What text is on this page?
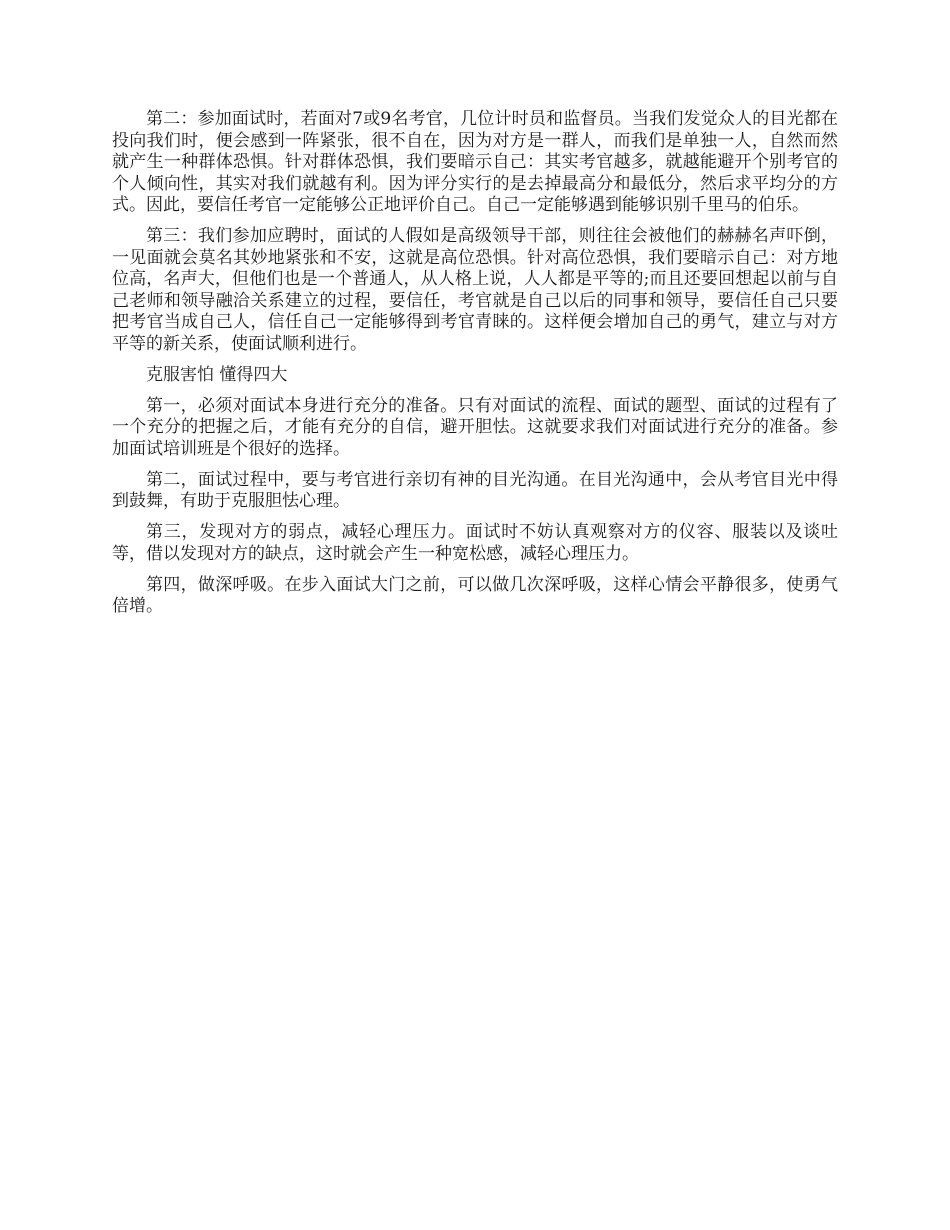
第二：参加面试时，若面对7或9名考官，几位计时员和监督员。当我们发觉众人的目光都在投向我们时，便会感到一阵紧张，很不自在，因为对方是一群人，而我们是单独一人，自然而然就产生一种群体恐惧。针对群体恐惧，我们要暗示自己：其实考官越多，就越能避开个别考官的个人倾向性，其实对我们就越有利。因为评分实行的是去掉最高分和最低分，然后求平均分的方式。因此，要信任考官一定能够公正地评价自己。自己一定能够遇到能够识别千里马的伯乐。

第三：我们参加应聘时，面试的人假如是高级领导干部，则往往会被他们的赫赫名声吓倒，一见面就会莫名其妙地紧张和不安，这就是高位恐惧。针对高位恐惧，我们要暗示自己：对方地位高，名声大，但他们也是一个普通人，从人格上说，人人都是平等的;而且还要回想起以前与自己老师和领导融洽关系建立的过程，要信任，考官就是自己以后的同事和领导，要信任自己只要把考官当成自己人，信任自己一定能够得到考官青睐的。这样便会增加自己的勇气，建立与对方平等的新关系，使面试顺利进行。

克服害怕 懂得四大

第一，必须对面试本身进行充分的准备。只有对面试的流程、面试的题型、面试的过程有了一个充分的把握之后，才能有充分的自信，避开胆怯。这就要求我们对面试进行充分的准备。参加面试培训班是个很好的选择。

第二，面试过程中，要与考官进行亲切有神的目光沟通。在目光沟通中，会从考官目光中得到鼓舞，有助于克服胆怯心理。

第三，发现对方的弱点，减轻心理压力。面试时不妨认真观察对方的仪容、服装以及谈吐等，借以发现对方的缺点，这时就会产生一种宽松感，减轻心理压力。

第四，做深呼吸。在步入面试大门之前，可以做几次深呼吸，这样心情会平静很多，使勇气倍增。
